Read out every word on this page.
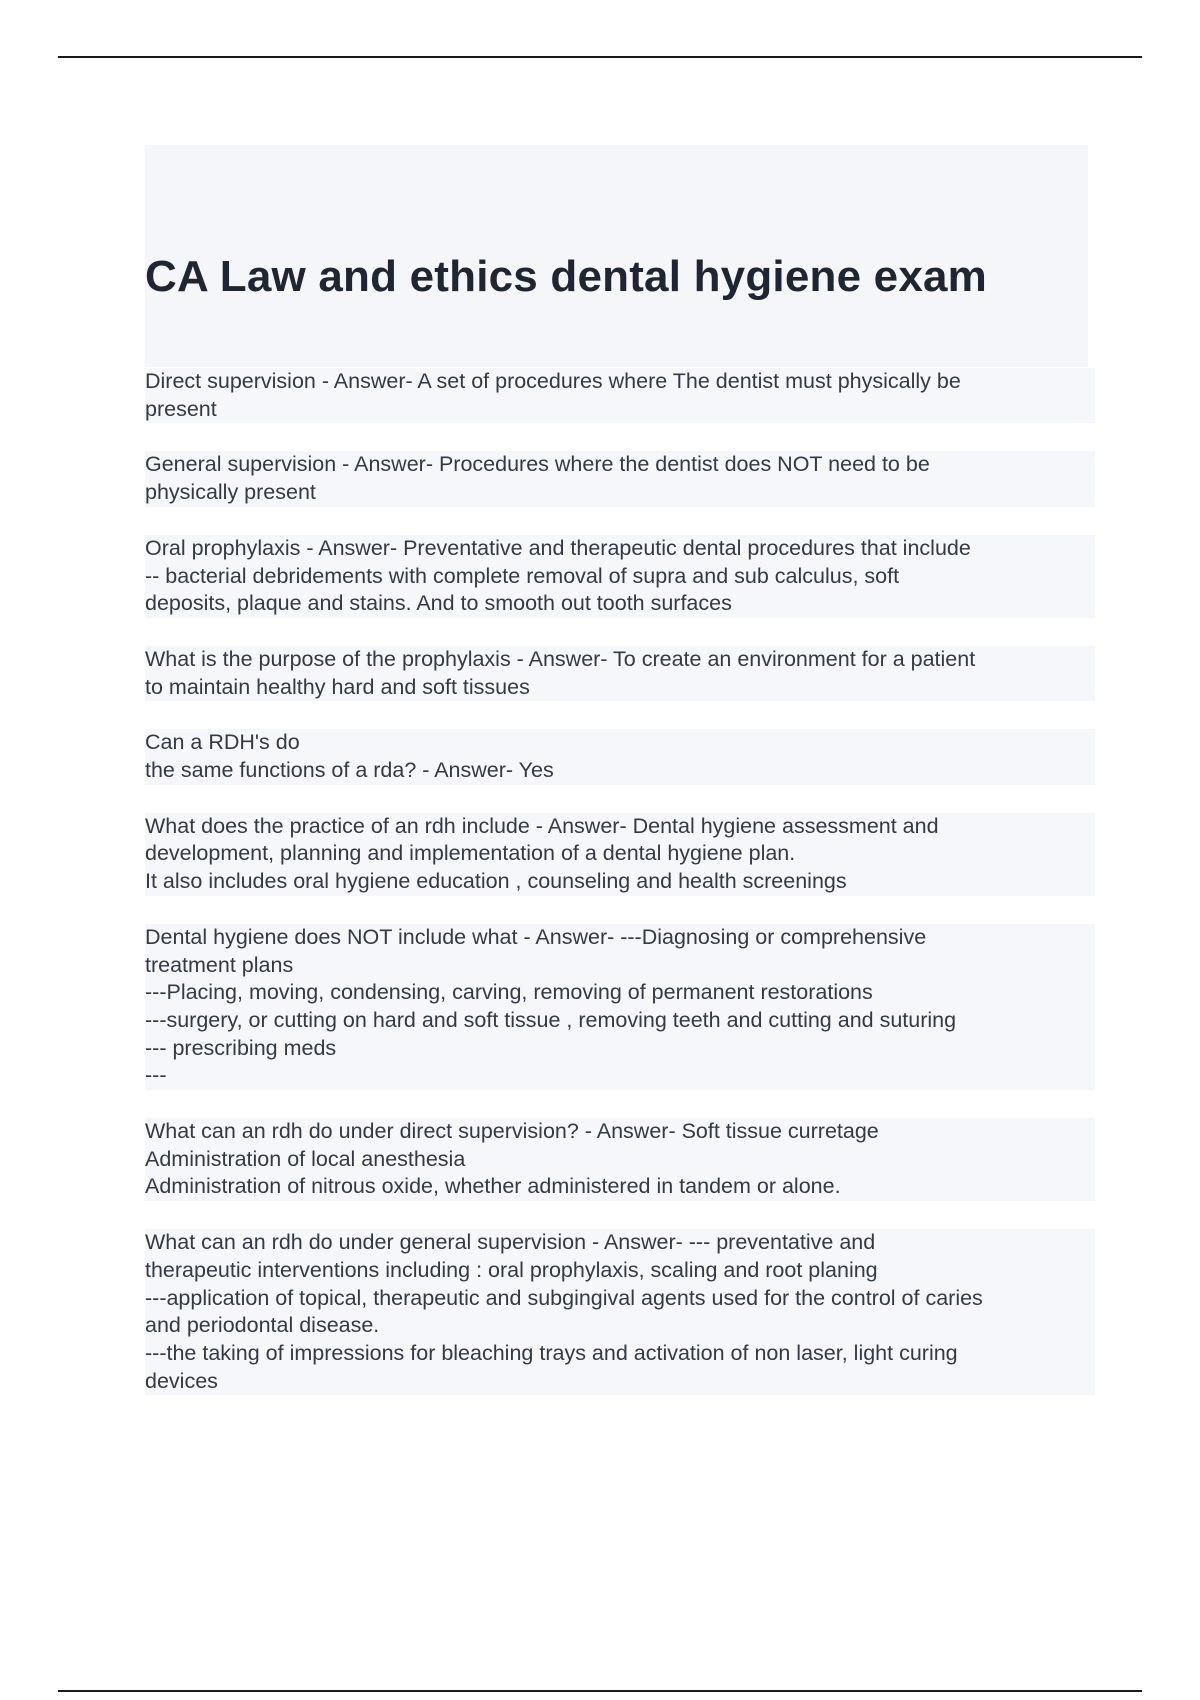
CA Law and ethics dental hygiene exam

Direct supervision - Answer- A set of procedures where The dentist must physically be
present

General supervision - Answer- Procedures where the dentist does NOT need to be
physically present

Oral prophylaxis - Answer- Preventative and therapeutic dental procedures that include
-- bacterial debridements with complete removal of supra and sub calculus, soft
deposits, plaque and stains. And to smooth out tooth surfaces

What is the purpose of the prophylaxis - Answer- To create an environment for a patient
to maintain healthy hard and soft tissues

Can a RDH's do
the same functions of a rda? - Answer- Yes

What does the practice of an rdh include - Answer- Dental hygiene assessment and
development, planning and implementation of a dental hygiene plan.
It also includes oral hygiene education , counseling and health screenings

Dental hygiene does NOT include what - Answer- ---Diagnosing or comprehensive
treatment plans
---Placing, moving, condensing, carving, removing of permanent restorations
---surgery, or cutting on hard and soft tissue , removing teeth and cutting and suturing
--- prescribing meds
---

What can an rdh do under direct supervision? - Answer- Soft tissue curretage
Administration of local anesthesia
Administration of nitrous oxide, whether administered in tandem or alone.

What can an rdh do under general supervision - Answer- --- preventative and
therapeutic interventions including : oral prophylaxis, scaling and root planing
---application of topical, therapeutic and subgingival agents used for the control of caries
and periodontal disease.
---the taking of impressions for bleaching trays and activation of non laser, light curing
devices
